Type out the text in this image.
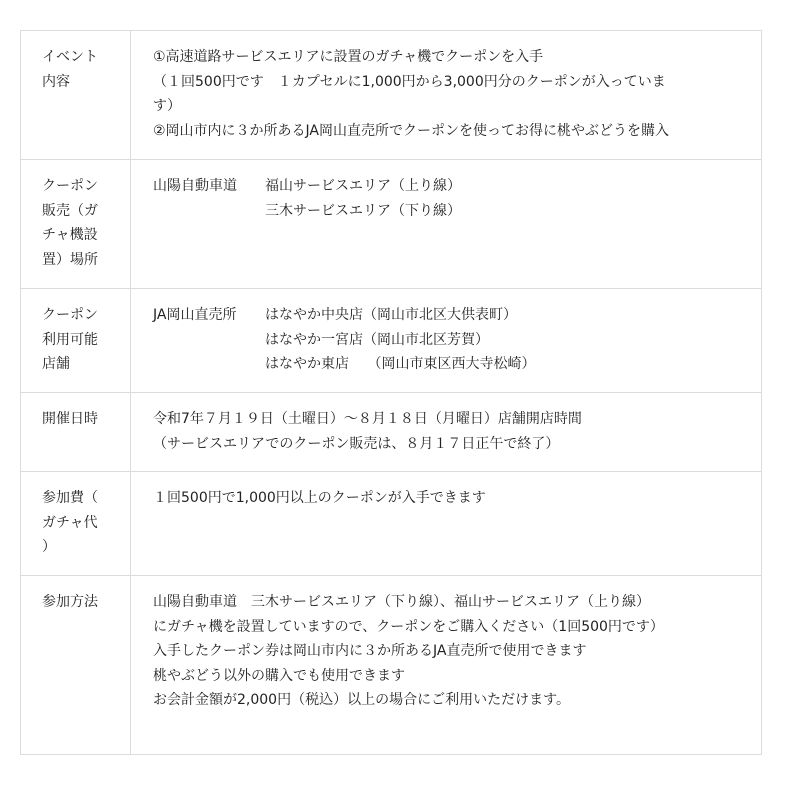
イベント
内容	①高速道路サービスエリアに設置のガチャ機でクーポンを入手
（１回500円です　１カプセルに1,000円から3,000円分のクーポンが入っていま
す）
②岡山市内に３か所あるJA岡山直売所でクーポンを使ってお得に桃やぶどうを購入

クーポン
販売（ガ
チャ機設
置）場所	山陽自動車道 福山サービスエリア（上り線）
三木サービスエリア（下り線）

クーポン
利用可能
店舗	JA岡山直売所 はなやか中央店（岡山市北区大供表町）
はなやか一宮店（岡山市北区芳賀）
はなやか東店　 （岡山市東区西大寺松崎）

開催日時	令和7年７月１９日（土曜日）～８月１８日（月曜日）店舗開店時間
（サービスエリアでのクーポン販売は、８月１７日正午で終了）

参加費（
ガチャ代
）	１回500円で1,000円以上のクーポンが入手できます

参加方法	山陽自動車道　三木サービスエリア（下り線）、福山サービスエリア（上り線）
にガチャ機を設置していますので、クーポンをご購入ください（1回500円です）
入手したクーポン券は岡山市内に３か所あるJA直売所で使用できます
桃やぶどう以外の購入でも使用できます
お会計金額が2,000円（税込）以上の場合にご利用いただけます。
